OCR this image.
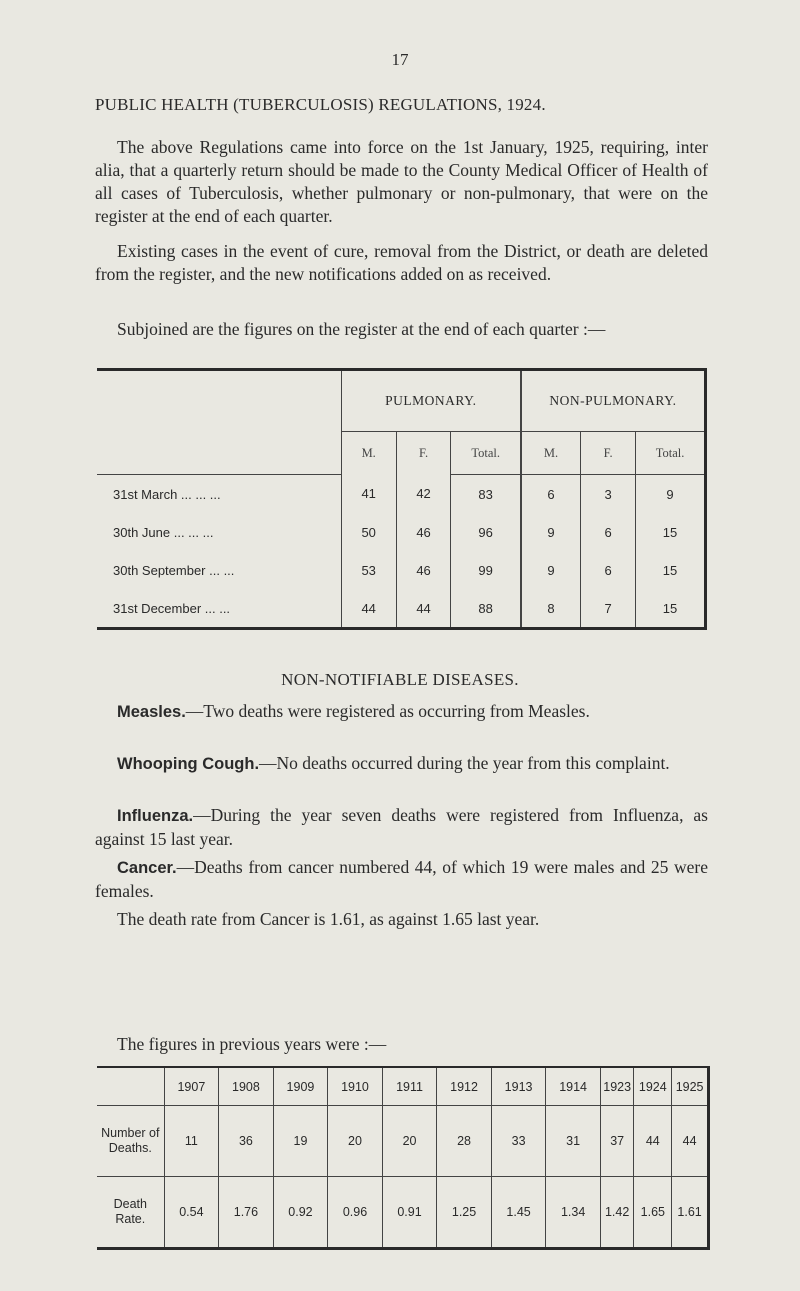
17
PUBLIC HEALTH (TUBERCULOSIS) REGULATIONS, 1924.

The above Regulations came into force on the 1st January, 1925, requiring, inter alia, that a quarterly return should be made to the County Medical Officer of Health of all cases of Tuberculosis, whether pulmonary or non-pulmonary, that were on the register at the end of each quarter.

Existing cases in the event of cure, removal from the District, or death are deleted from the register, and the new notifications added on as received.

Subjoined are the figures on the register at the end of each quarter :—

	PULMONARY.			NON-PULMONARY.		
	M.	F.	Total.	M.	F.	Total.
31st March ... ... ...	41	42	83	6	3	9
30th June ... ... ...	50	46	96	9	6	15
30th September ... ...	53	46	99	9	6	15
31st December ... ...	44	44	88	8	7	15
NON-NOTIFIABLE DISEASES.

Measles.—Two deaths were registered as occurring from Measles.

Whooping Cough.—No deaths occurred during the year from this complaint.

Influenza.—During the year seven deaths were registered from Influenza, as against 15 last year.

Cancer.—Deaths from cancer numbered 44, of which 19 were males and 25 were females.

The death rate from Cancer is 1.61, as against 1.65 last year.

The figures in previous years were :—

	1907	1908	1909	1910	1911	1912	1913	1914	1923	1924	1925
Number of Deaths.	11	36	19	20	20	28	33	31	37	44	44
Death Rate.	0.54	1.76	0.92	0.96	0.91	1.25	1.45	1.34	1.42	1.65	1.61
